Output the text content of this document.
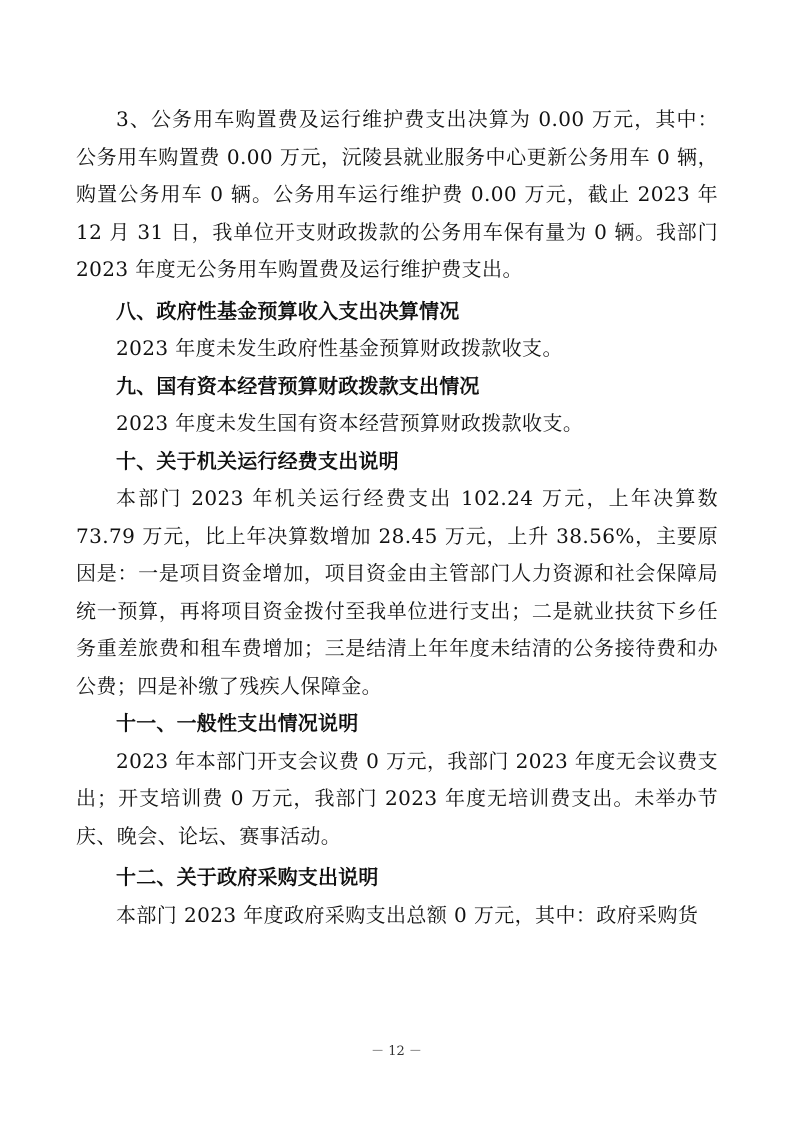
3、公务用车购置费及运行维护费支出决算为 0.00 万元，其中：公务用车购置费 0.00 万元，沅陵县就业服务中心更新公务用车 0 辆，购置公务用车 0 辆。公务用车运行维护费 0.00 万元，截止 2023 年 12 月 31 日，我单位开支财政拨款的公务用车保有量为 0 辆。我部门 2023 年度无公务用车购置费及运行维护费支出。

八、政府性基金预算收入支出决算情况

2023 年度未发生政府性基金预算财政拨款收支。

九、国有资本经营预算财政拨款支出情况

2023 年度未发生国有资本经营预算财政拨款收支。

十、关于机关运行经费支出说明

本部门 2023 年机关运行经费支出 102.24 万元，上年决算数 73.79 万元，比上年决算数增加 28.45 万元，上升 38.56%，主要原因是：一是项目资金增加，项目资金由主管部门人力资源和社会保障局统一预算，再将项目资金拨付至我单位进行支出；二是就业扶贫下乡任务重差旅费和租车费增加；三是结清上年年度未结清的公务接待费和办公费；四是补缴了残疾人保障金。

十一、一般性支出情况说明

2023 年本部门开支会议费 0 万元，我部门 2023 年度无会议费支出；开支培训费 0 万元，我部门 2023 年度无培训费支出。未举办节庆、晚会、论坛、赛事活动。

十二、关于政府采购支出说明

本部门 2023 年度政府采购支出总额 0 万元，其中：政府采购货

－ 12 －
